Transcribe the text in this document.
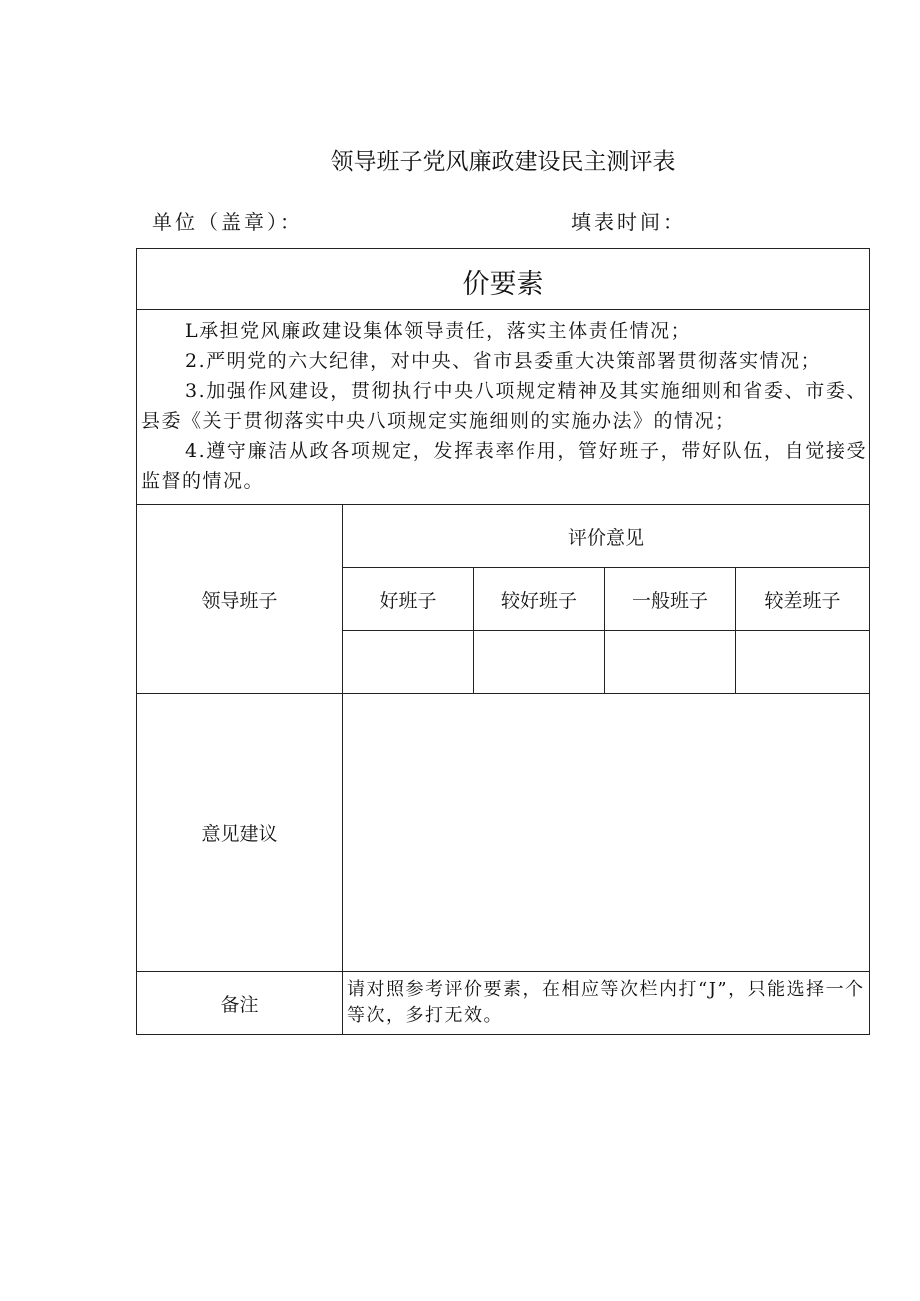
领导班子党风廉政建设民主测评表
单位（盖章）：	填表时间：
价要素				

L承担党风廉政建设集体领导责任，落实主体责任情况；

2.严明党的六大纪律，对中央、省市县委重大决策部署贯彻落实情况；

3.加强作风建设，贯彻执行中央八项规定精神及其实施细则和省委、市委、县委《关于贯彻落实中央八项规定实施细则的实施办法》的情况；

4.遵守廉洁从政各项规定，发挥表率作用，管好班子，带好队伍，自觉接受监督的情况。				

领导班子	评价意见			
	好班子	较好班子	一般班子	较差班子

意见建议				
备注	请对照参考评价要素，在相应等次栏内打“J”，只能选择一个等次，多打无效。			
